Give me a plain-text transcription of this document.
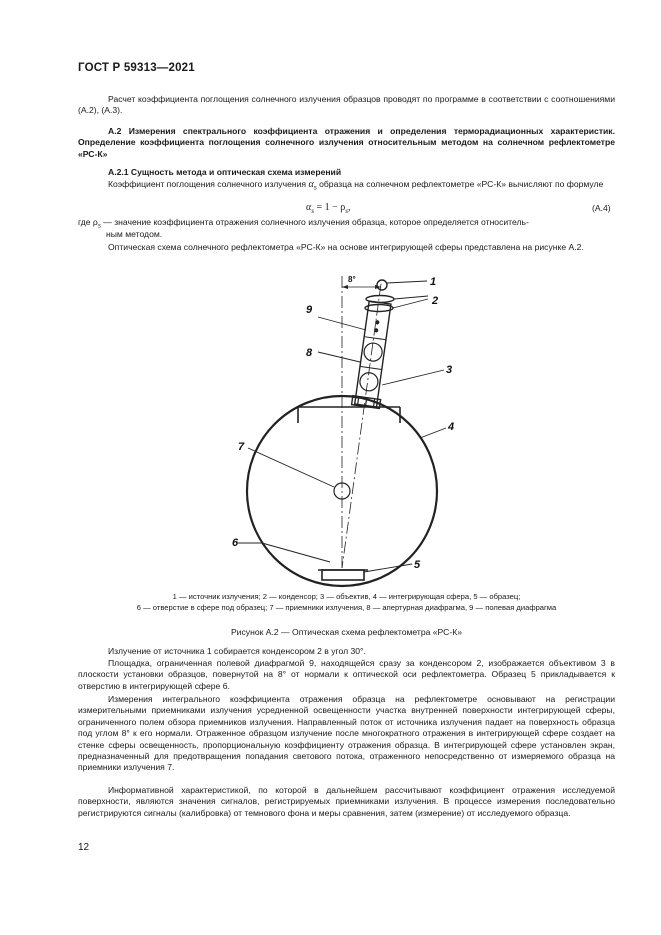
ГОСТ Р 59313—2021
Расчет коэффициента поглощения солнечного излучения образцов проводят по программе в соответствии с соотношениями (А.2), (А.3).
А.2 Измерения спектрального коэффициента отражения и определения терморадиационных характеристик. Определение коэффициента поглощения солнечного излучения относительным методом на солнечном рефлектометре «РС-К»
А.2.1 Сущность метода и оптическая схема измерений
Коэффициент поглощения солнечного излучения $\alpha_s$ образца на солнечном рефлектометре «РС-К» вычисляют по формуле
$\alpha_s = 1 - \rho_s$,	(А.4)
где $\rho_s$ — значение коэффициента отражения солнечного излучения образца, которое определяется относитель-
ным методом.
Оптическая схема солнечного рефлектометра «РС-К» на основе интегрирующей сферы представлена на рисунке А.2.
8°	1
2
3
4
5
6
7
8
9
1 — источник излучения; 2 — конденсор; 3 — объектив, 4 — интегрирующая сфера, 5 — образец;
6 — отверстие в сфере под образец; 7 — приемники излучения, 8 — апертурная диафрагма, 9 — полевая диафрагма
Рисунок А.2 — Оптическая схема рефлектометра «РС-К»
Излучение от источника 1 собирается конденсором 2 в угол 30°.
Площадка, ограниченная полевой диафрагмой 9, находящейся сразу за конденсором 2, изображается объективом 3 в плоскости установки образцов, повернутой на 8° от нормали к оптической оси рефлектометра. Образец 5 прикладывается к отверстию в интегрирующей сфере 6.
Измерения интегрального коэффициента отражения образца на рефлектометре основывают на регистрации измерительными приемниками излучения усредненной освещенности участка внутренней поверхности интегрирующей сферы, ограниченного полем обзора приемников излучения. Направленный поток от источника излучения падает на поверхность образца под углом 8° к его нормали. Отраженное образцом излучение после многократного отражения в интегрирующей сфере создает на стенке сферы освещенность, пропорциональную коэффициенту отражения образца. В интегрирующей сфере установлен экран, предназначенный для предотвращения попадания светового потока, отраженного непосредственно от измеряемого образца на приемники излучения 7.
Информативной характеристикой, по которой в дальнейшем рассчитывают коэффициент отражения исследуемой поверхности, являются значения сигналов, регистрируемых приемниками излучения. В процессе измерения последовательно регистрируются сигналы (калибровка) от темнового фона и меры сравнения, затем (измерение) от исследуемого образца.
12
